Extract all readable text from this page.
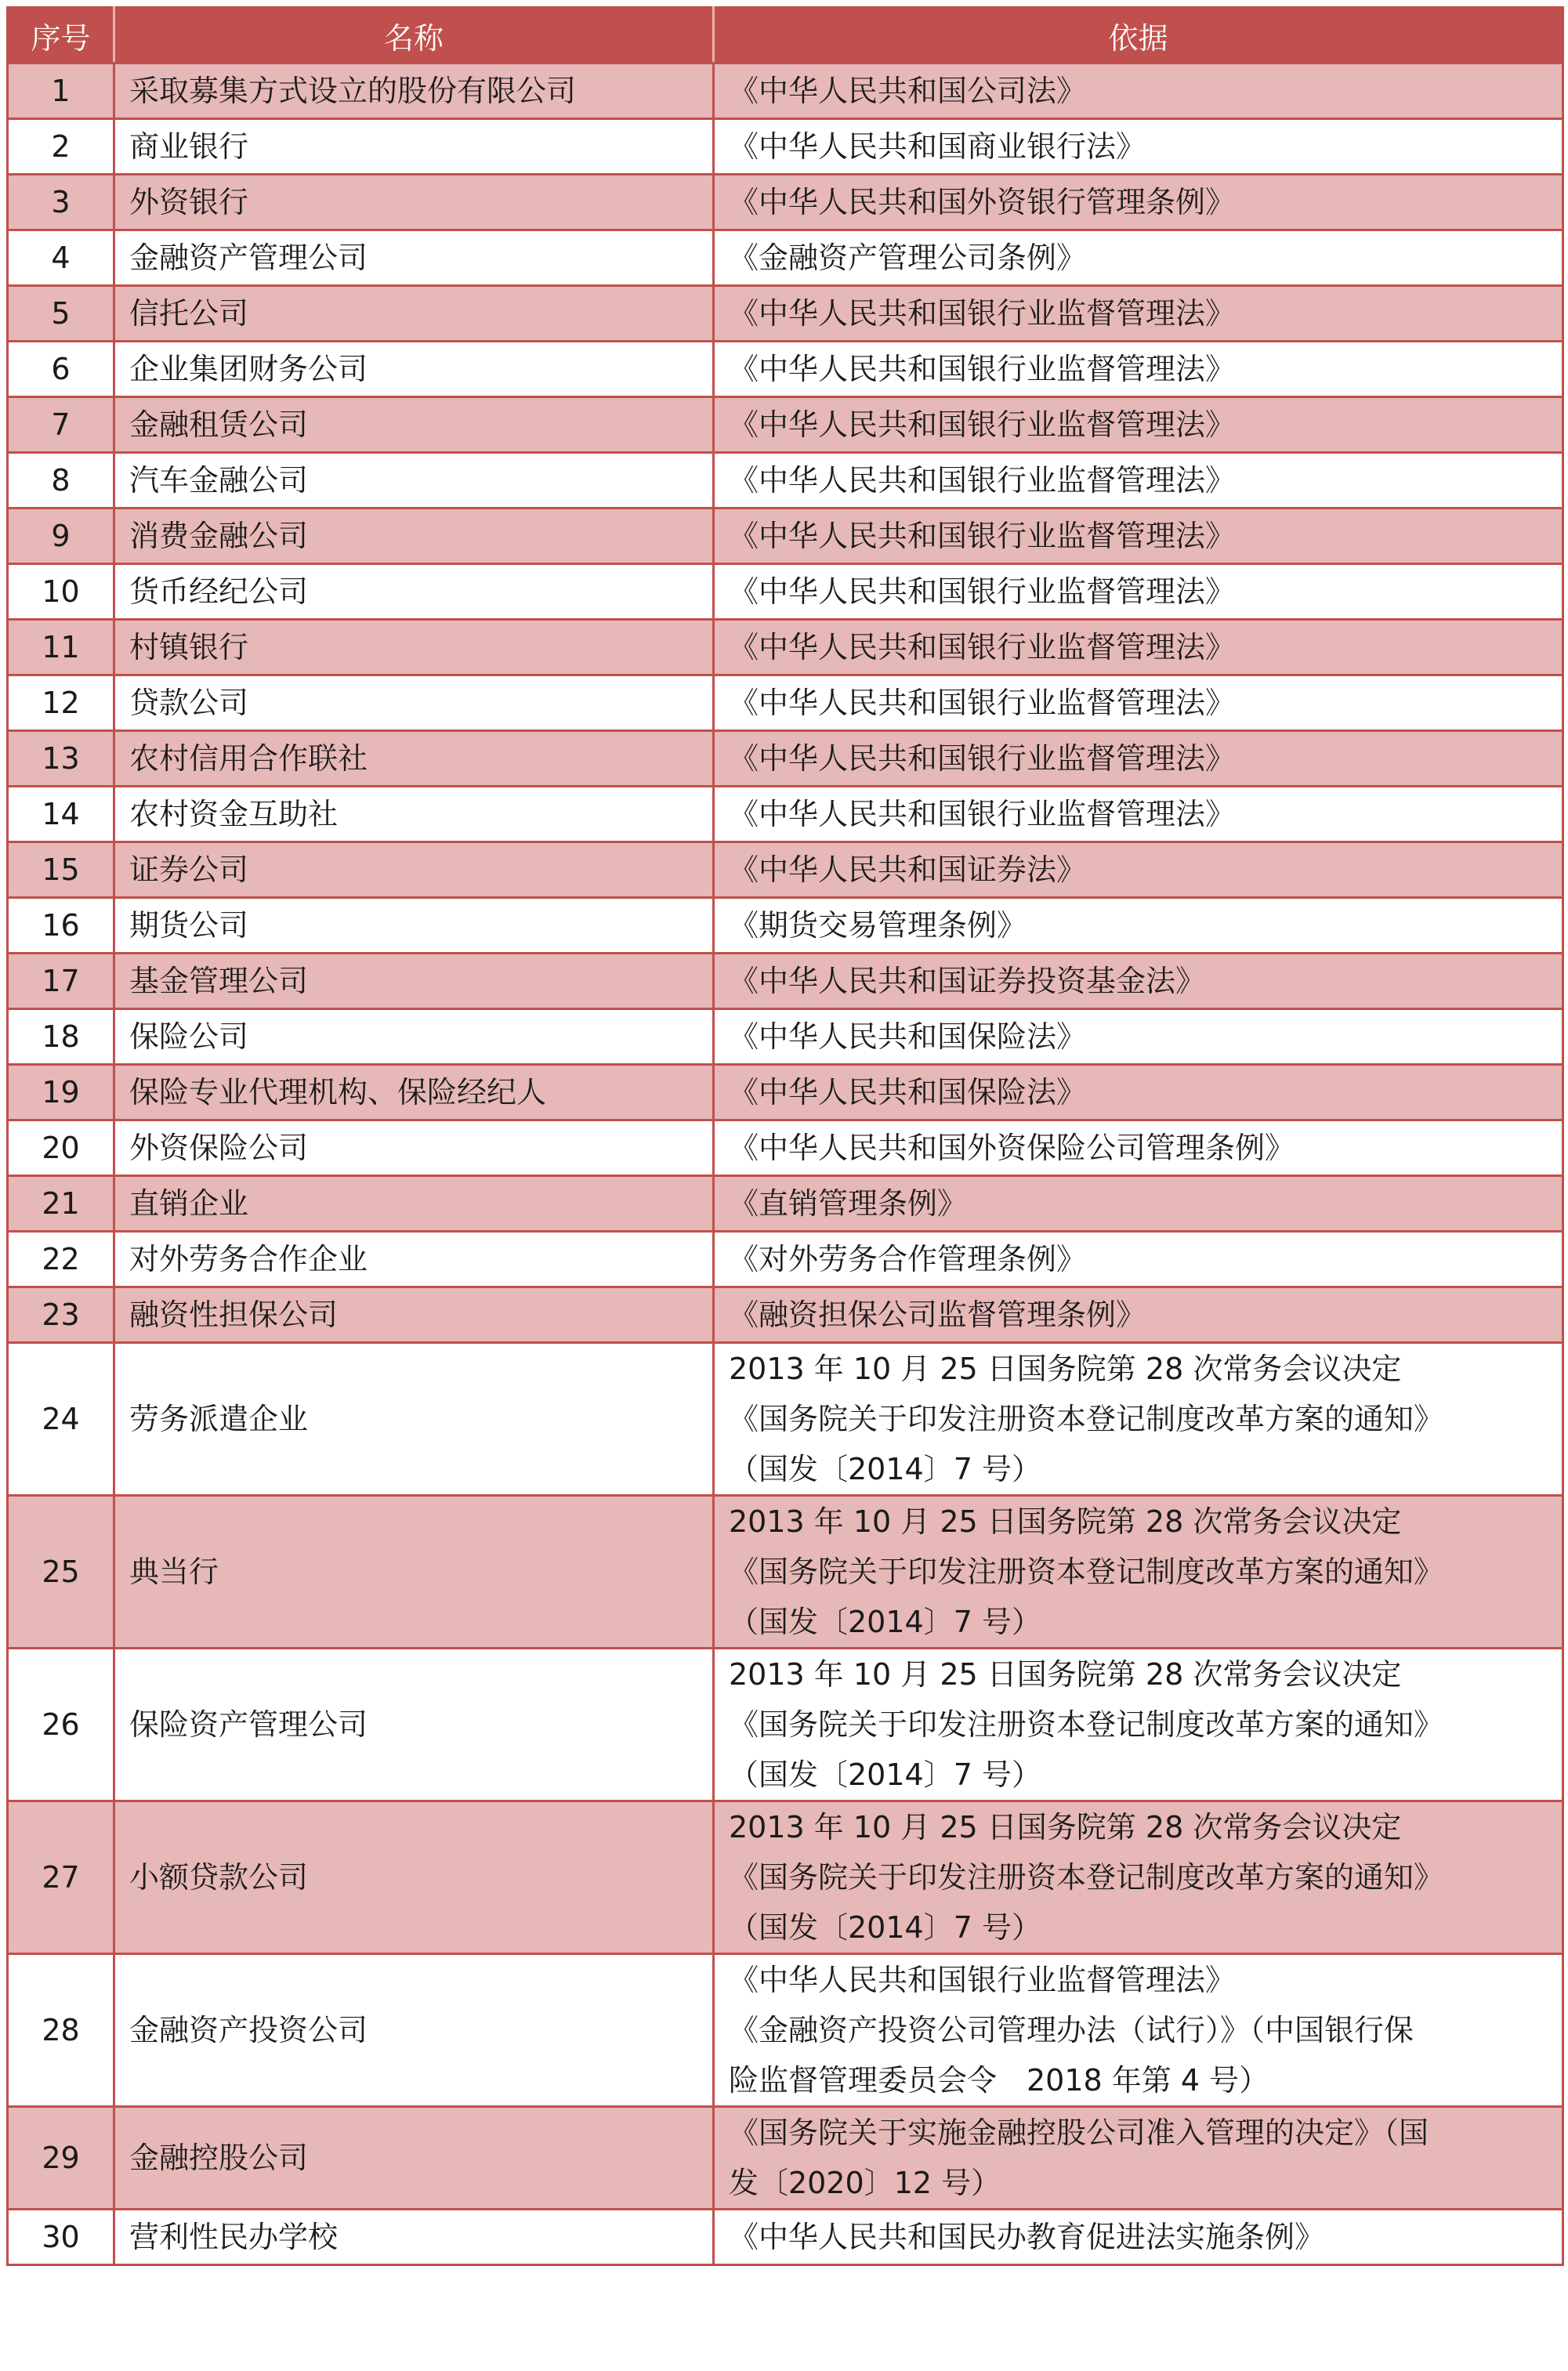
序号	名称	依据
1	采取募集方式设立的股份有限公司	《中华人民共和国公司法》

2	商业银行	《中华人民共和国商业银行法》

3	外资银行	《中华人民共和国外资银行管理条例》

4	金融资产管理公司	《金融资产管理公司条例》

5	信托公司	《中华人民共和国银行业监督管理法》

6	企业集团财务公司	《中华人民共和国银行业监督管理法》

7	金融租赁公司	《中华人民共和国银行业监督管理法》

8	汽车金融公司	《中华人民共和国银行业监督管理法》

9	消费金融公司	《中华人民共和国银行业监督管理法》

10	货币经纪公司	《中华人民共和国银行业监督管理法》

11	村镇银行	《中华人民共和国银行业监督管理法》

12	贷款公司	《中华人民共和国银行业监督管理法》

13	农村信用合作联社	《中华人民共和国银行业监督管理法》

14	农村资金互助社	《中华人民共和国银行业监督管理法》

15	证券公司	《中华人民共和国证券法》

16	期货公司	《期货交易管理条例》

17	基金管理公司	《中华人民共和国证券投资基金法》

18	保险公司	《中华人民共和国保险法》

19	保险专业代理机构、保险经纪人	《中华人民共和国保险法》

20	外资保险公司	《中华人民共和国外资保险公司管理条例》

21	直销企业	《直销管理条例》

22	对外劳务合作企业	《对外劳务合作管理条例》

23	融资性担保公司	《融资担保公司监督管理条例》

24	劳务派遣企业	2013 年 10 月 25 日国务院第 28 次常务会议决定
《国务院关于印发注册资本登记制度改革方案的通知》
（国发〔2014〕7 号）

25	典当行	2013 年 10 月 25 日国务院第 28 次常务会议决定
《国务院关于印发注册资本登记制度改革方案的通知》
（国发〔2014〕7 号）

26	保险资产管理公司	2013 年 10 月 25 日国务院第 28 次常务会议决定
《国务院关于印发注册资本登记制度改革方案的通知》
（国发〔2014〕7 号）

27	小额贷款公司	2013 年 10 月 25 日国务院第 28 次常务会议决定
《国务院关于印发注册资本登记制度改革方案的通知》
（国发〔2014〕7 号）

28	金融资产投资公司	《中华人民共和国银行业监督管理法》
《金融资产投资公司管理办法（试行）》（中国银行保
险监督管理委员会令　2018 年第 4 号）

29	金融控股公司	《国务院关于实施金融控股公司准入管理的决定》（国
发〔2020〕12 号）

30	营利性民办学校	《中华人民共和国民办教育促进法实施条例》
